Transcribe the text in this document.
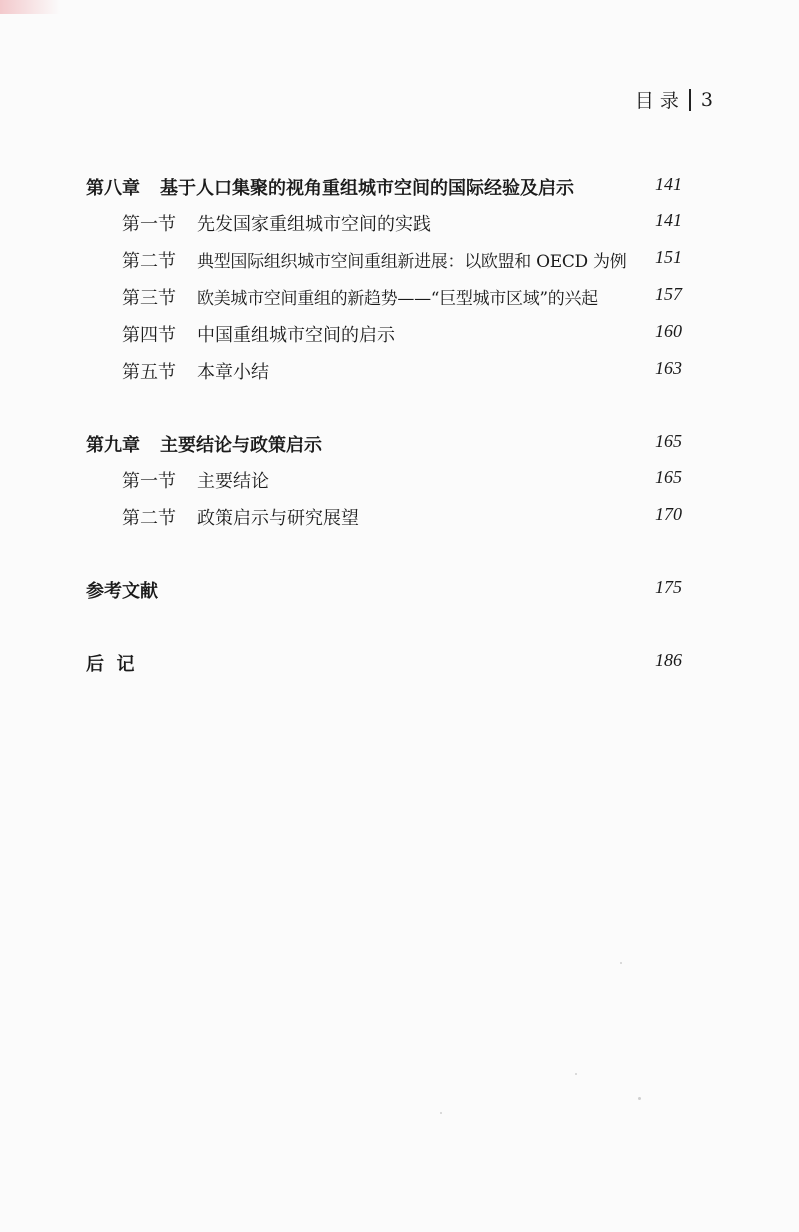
目 录 3
第八章 基于人口集聚的视角重组城市空间的国际经验及启示	141
第一节 先发国家重组城市空间的实践	141
第二节 典型国际组织城市空间重组新进展：以欧盟和 OECD 为例 151
第三节 欧美城市空间重组的新趋势——“巨型城市区域”的兴起	157
第四节 中国重组城市空间的启示	160
第五节 本章小结	163
第九章 主要结论与政策启示	165
第一节 主要结论	165
第二节 政策启示与研究展望	170
参考文献	175
后  记	186
